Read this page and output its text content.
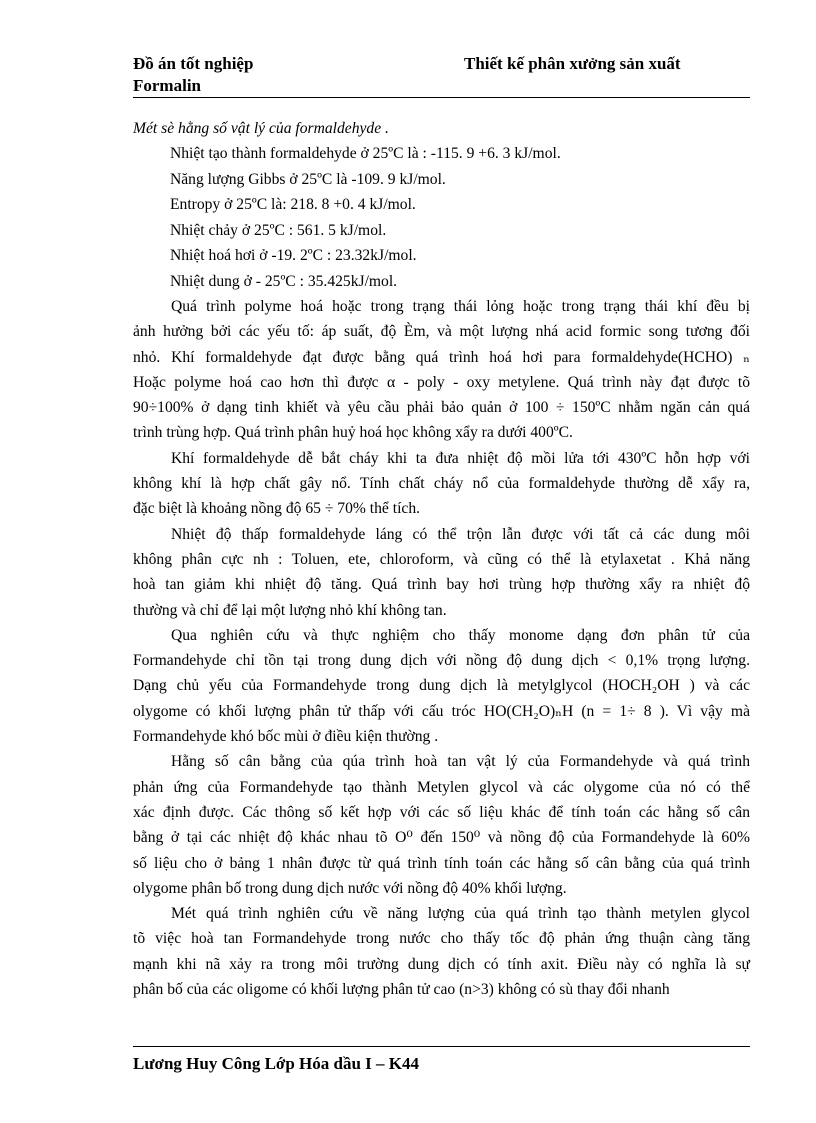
Đồ án tốt nghiệp
Formalin
Thiết kế phân xưởng sản xuất

Mét sè hằng số vật lý của formaldehyde .

Nhiệt tạo thành formaldehyde ở 25ºC là : -115. 9 +6. 3 kJ/mol.
Năng lượng Gibbs ở 25ºC là -109. 9 kJ/mol.
Entropy ở 25ºC là: 218. 8 +0. 4 kJ/mol.
Nhiệt chảy ở 25ºC : 561. 5 kJ/mol.
Nhiệt hoá hơi ở -19. 2ºC : 23.32kJ/mol.
Nhiệt dung ở - 25ºC : 35.425kJ/mol.

Quá trình polyme hoá hoặc trong trạng thái lỏng hoặc trong trạng thái khí đều bị
ảnh hưởng bởi các yếu tố: áp suất, độ Èm, và một lượng nhá acid formic song tương đối
nhỏ. Khí formaldehyde đạt được bằng quá trình hoá hơi para formaldehyde(HCHO) ₙ
Hoặc polyme hoá cao hơn thì được α - poly - oxy metylene. Quá trình này đạt được tõ
90÷100% ở dạng tinh khiết và yêu cầu phải bảo quản ở 100 ÷ 150ºC nhằm ngăn cản quá
trình trùng hợp. Quá trình phân huỷ hoá học không xẩy ra dưới 400ºC.

Khí formaldehyde dễ bắt cháy khi ta đưa nhiệt độ mồi lửa tới 430ºC hỗn hợp với
không khí là hợp chất gây nổ. Tính chất cháy nổ của formaldehyde thường dễ xẩy ra,
đặc biệt là khoảng nồng độ 65 ÷ 70% thể tích.

Nhiệt độ thấp formaldehyde láng có thể trộn lẫn được với tất cả các dung môi
không phân cực nh : Toluen, ete, chloroform, và cũng có thể là etylaxetat . Khả năng
hoà tan giảm khi nhiệt độ tăng. Quá trình bay hơi trùng hợp thường xẩy ra nhiệt độ
thường và chỉ để lại một lượng nhỏ khí không tan.

Qua nghiên cứu và thực nghiệm cho thấy monome dạng đơn phân tử của
Formandehyde chỉ tồn tại trong dung dịch với nồng độ dung dịch < 0,1% trọng lượng.
Dạng chủ yếu của Formandehyde trong dung dịch là metylglycol (HOCH₂OH ) và các
olygome có khối lượng phân tử thấp với cấu tróc HO(CH₂O)ₙH (n = 1÷ 8 ). Vì vậy mà
Formandehyde khó bốc mùi ở điều kiện thường .

Hằng số cân bằng của qúa trình hoà tan vật lý của Formandehyde và quá trình
phản ứng của Formandehyde tạo thành Metylen glycol và các olygome của nó có thể
xác định được. Các thông số kết hợp với các số liệu khác để tính toán các hằng số cân
bằng ở tại các nhiệt độ khác nhau tõ O⁰ đến 150⁰ và nồng độ của Formandehyde là 60%
số liệu cho ở bảng 1 nhân được từ quá trình tính toán các hằng số cân bằng của quá trình
olygome phân bố trong dung dịch nước với nồng độ 40% khối lượng.

Mét quá trình nghiên cứu về năng lượng của quá trình tạo thành metylen glycol
tõ việc hoà tan Formandehyde trong nước cho thấy tốc độ phản ứng thuận càng tăng
mạnh khi nã xảy ra trong môi trường dung dịch có tính axit. Điều này có nghĩa là sự
phân bố của các oligome có khối lượng phân tử cao (n>3) không có sù thay đổi nhanh

Lương Huy Công Lớp Hóa dầu I – K44
